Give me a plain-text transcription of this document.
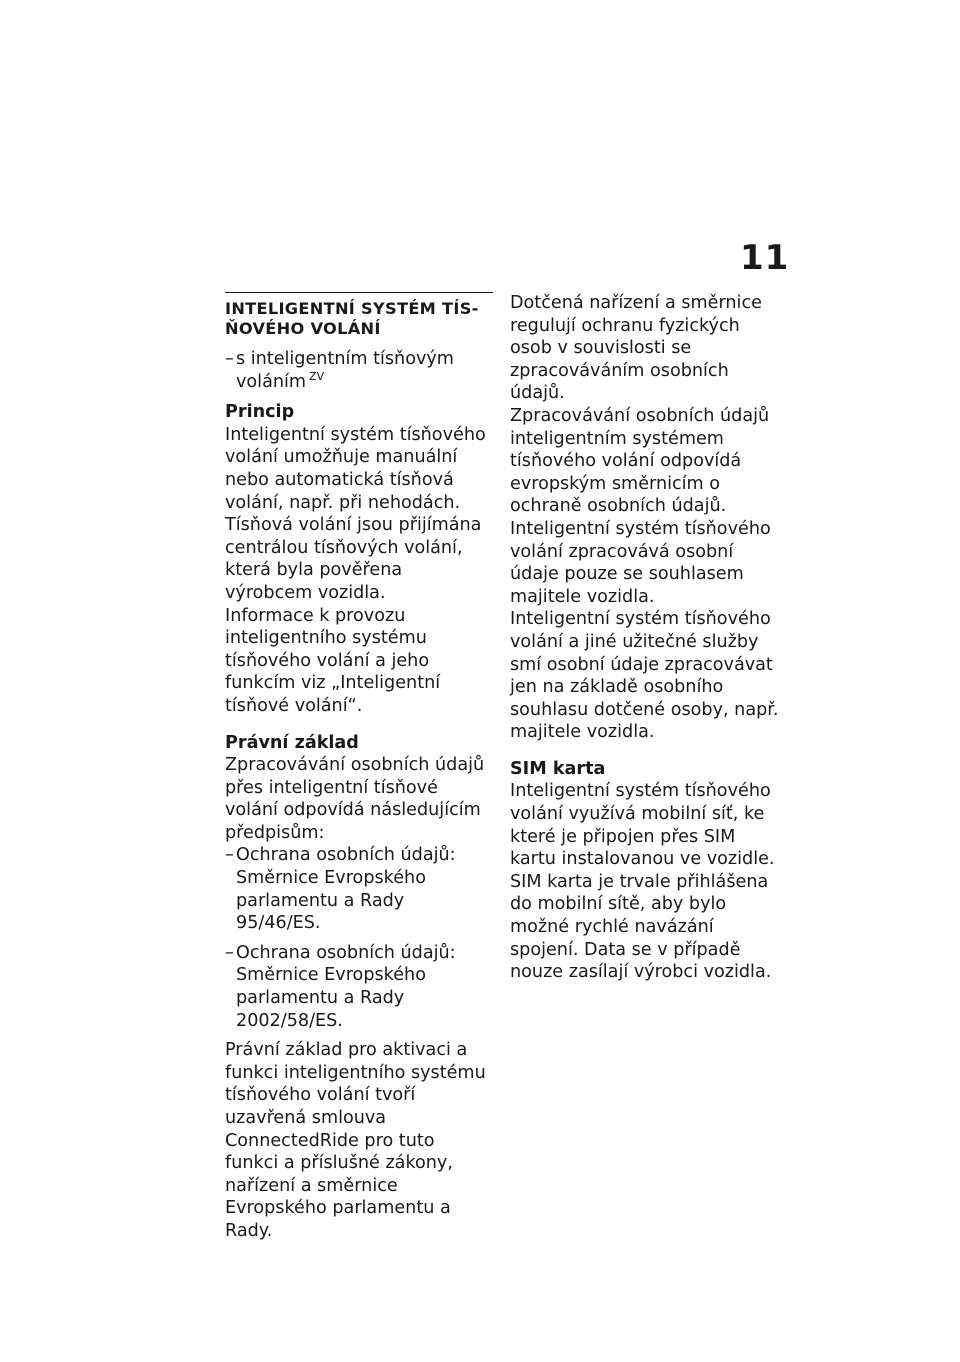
11
INTELIGENTNÍ SYSTÉM TÍS-ŇOVÉHO VOLÁNÍ

– s inteligentním tísňovým voláním $^{ZV}$

Princip

Inteligentní systém tísňového volání umožňuje manuální nebo automatická tísňová volání, např. při nehodách.

Tísňová volání jsou přijímána centrálou tísňových volání, která byla pověřena výrobcem vozidla.

Informace k provozu inteligentního systému tísňového volání a jeho funkcím viz „Inteligentní tísňové volání“.

Právní základ

Zpracovávání osobních údajů přes inteligentní tísňové volání odpovídá následujícím předpisům:

– Ochrana osobních údajů: Směrnice Evropského parlamentu a Rady 95/46/ES.

– Ochrana osobních údajů: Směrnice Evropského parlamentu a Rady 2002/58/ES.

Právní základ pro aktivaci a funkci inteligentního systému tísňového volání tvoří uzavřená smlouva ConnectedRide pro tuto funkci a příslušné zákony, nařízení a směrnice Evropského parlamentu a Rady.

Dotčená nařízení a směrnice regulují ochranu fyzických osob v souvislosti se zpracováváním osobních údajů.

Zpracovávání osobních údajů inteligentním systémem tísňového volání odpovídá evropským směrnicím o ochraně osobních údajů.

Inteligentní systém tísňového volání zpracovává osobní údaje pouze se souhlasem majitele vozidla.

Inteligentní systém tísňového volání a jiné užitečné služby smí osobní údaje zpracovávat jen na základě osobního souhlasu dotčené osoby, např. majitele vozidla.

SIM karta

Inteligentní systém tísňového volání využívá mobilní síť, ke které je připojen přes SIM kartu instalovanou ve vozidle. SIM karta je trvale přihlášena do mobilní sítě, aby bylo možné rychlé navázání spojení. Data se v případě nouze zasílají výrobci vozidla.
